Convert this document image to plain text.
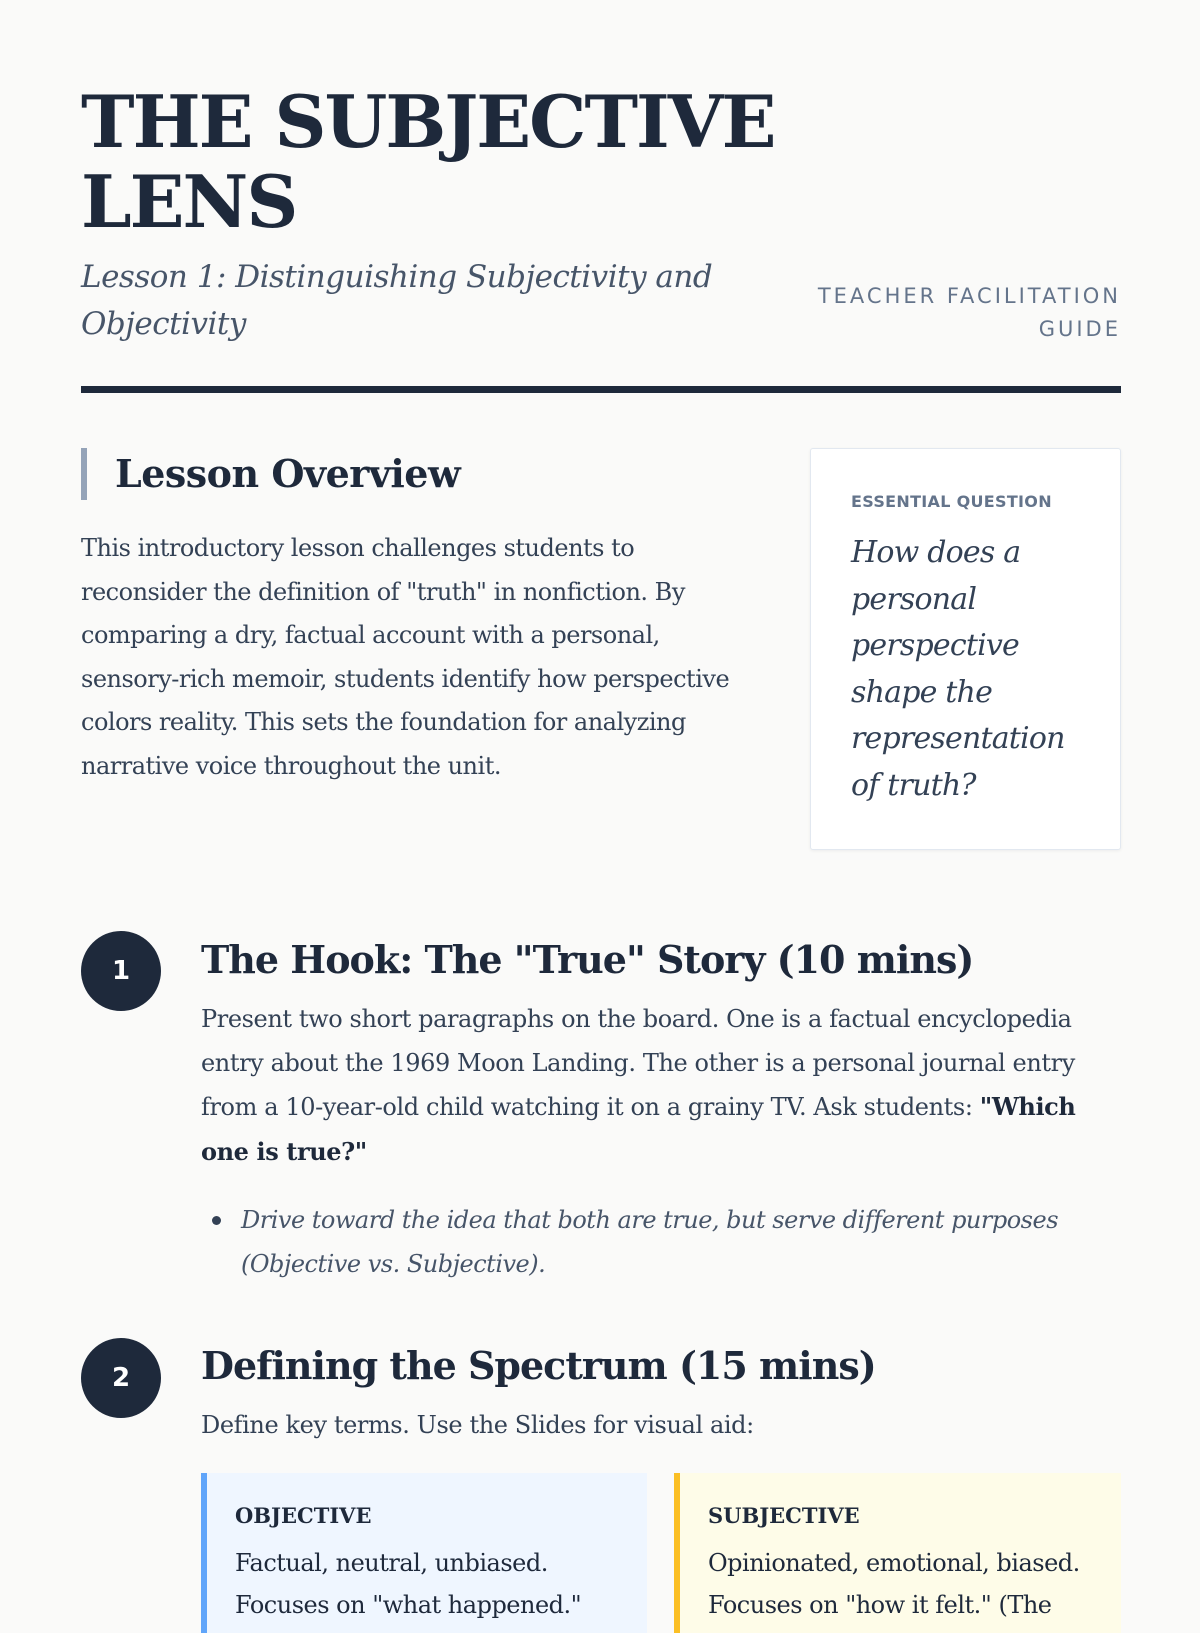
THE SUBJECTIVE LENS
Lesson 1: Distinguishing Subjectivity and Objectivity
TEACHER FACILITATION GUIDE
Lesson Overview

This introductory lesson challenges students to reconsider the definition of "truth" in nonfiction. By comparing a dry, factual account with a personal, sensory-rich memoir, students identify how perspective colors reality. This sets the foundation for analyzing narrative voice throughout the unit.

1	The Hook: The "True" Story (10 mins)

Present two short paragraphs on the board. One is a factual encyclopedia entry about the 1969 Moon Landing. The other is a personal journal entry from a 10-year-old child watching it on a grainy TV. Ask students: "Which one is true?"

Drive toward the idea that both are true, but serve different purposes (Objective vs. Subjective).

2	Defining the Spectrum (15 mins)

Define key terms. Use the Slides for visual aid:

OBJECTIVE
Factual, neutral, unbiased.
Focuses on "what happened."
SUBJECTIVE
Opinionated, emotional, biased.
Focuses on "how it felt." (The
ESSENTIAL QUESTION
How does a personal perspective shape the representation of truth?
